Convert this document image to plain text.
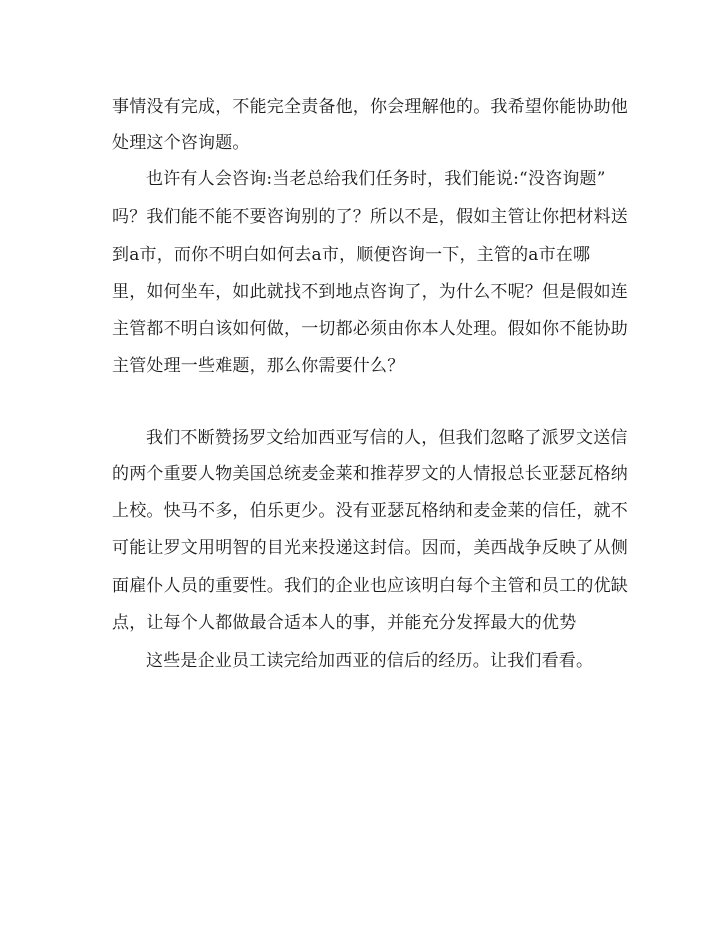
事情没有完成，不能完全责备他，你会理解他的。我希望你能协助他
处理这个咨询题。
也许有人会咨询:当老总给我们任务时，我们能说:“没咨询题”
吗？我们能不能不要咨询别的了？所以不是，假如主管让你把材料送
到a市，而你不明白如何去a市，顺便咨询一下，主管的a市在哪
里，如何坐车，如此就找不到地点咨询了，为什么不呢？但是假如连
主管都不明白该如何做，一切都必须由你本人处理。假如你不能协助
主管处理一些难题，那么你需要什么？
我们不断赞扬罗文给加西亚写信的人，但我们忽略了派罗文送信
的两个重要人物美国总统麦金莱和推荐罗文的人情报总长亚瑟瓦格纳
上校。快马不多，伯乐更少。没有亚瑟瓦格纳和麦金莱的信任，就不
可能让罗文用明智的目光来投递这封信。因而，美西战争反映了从侧
面雇仆人员的重要性。我们的企业也应该明白每个主管和员工的优缺
点，让每个人都做最合适本人的事，并能充分发挥最大的优势
这些是企业员工读完给加西亚的信后的经历。让我们看看。
